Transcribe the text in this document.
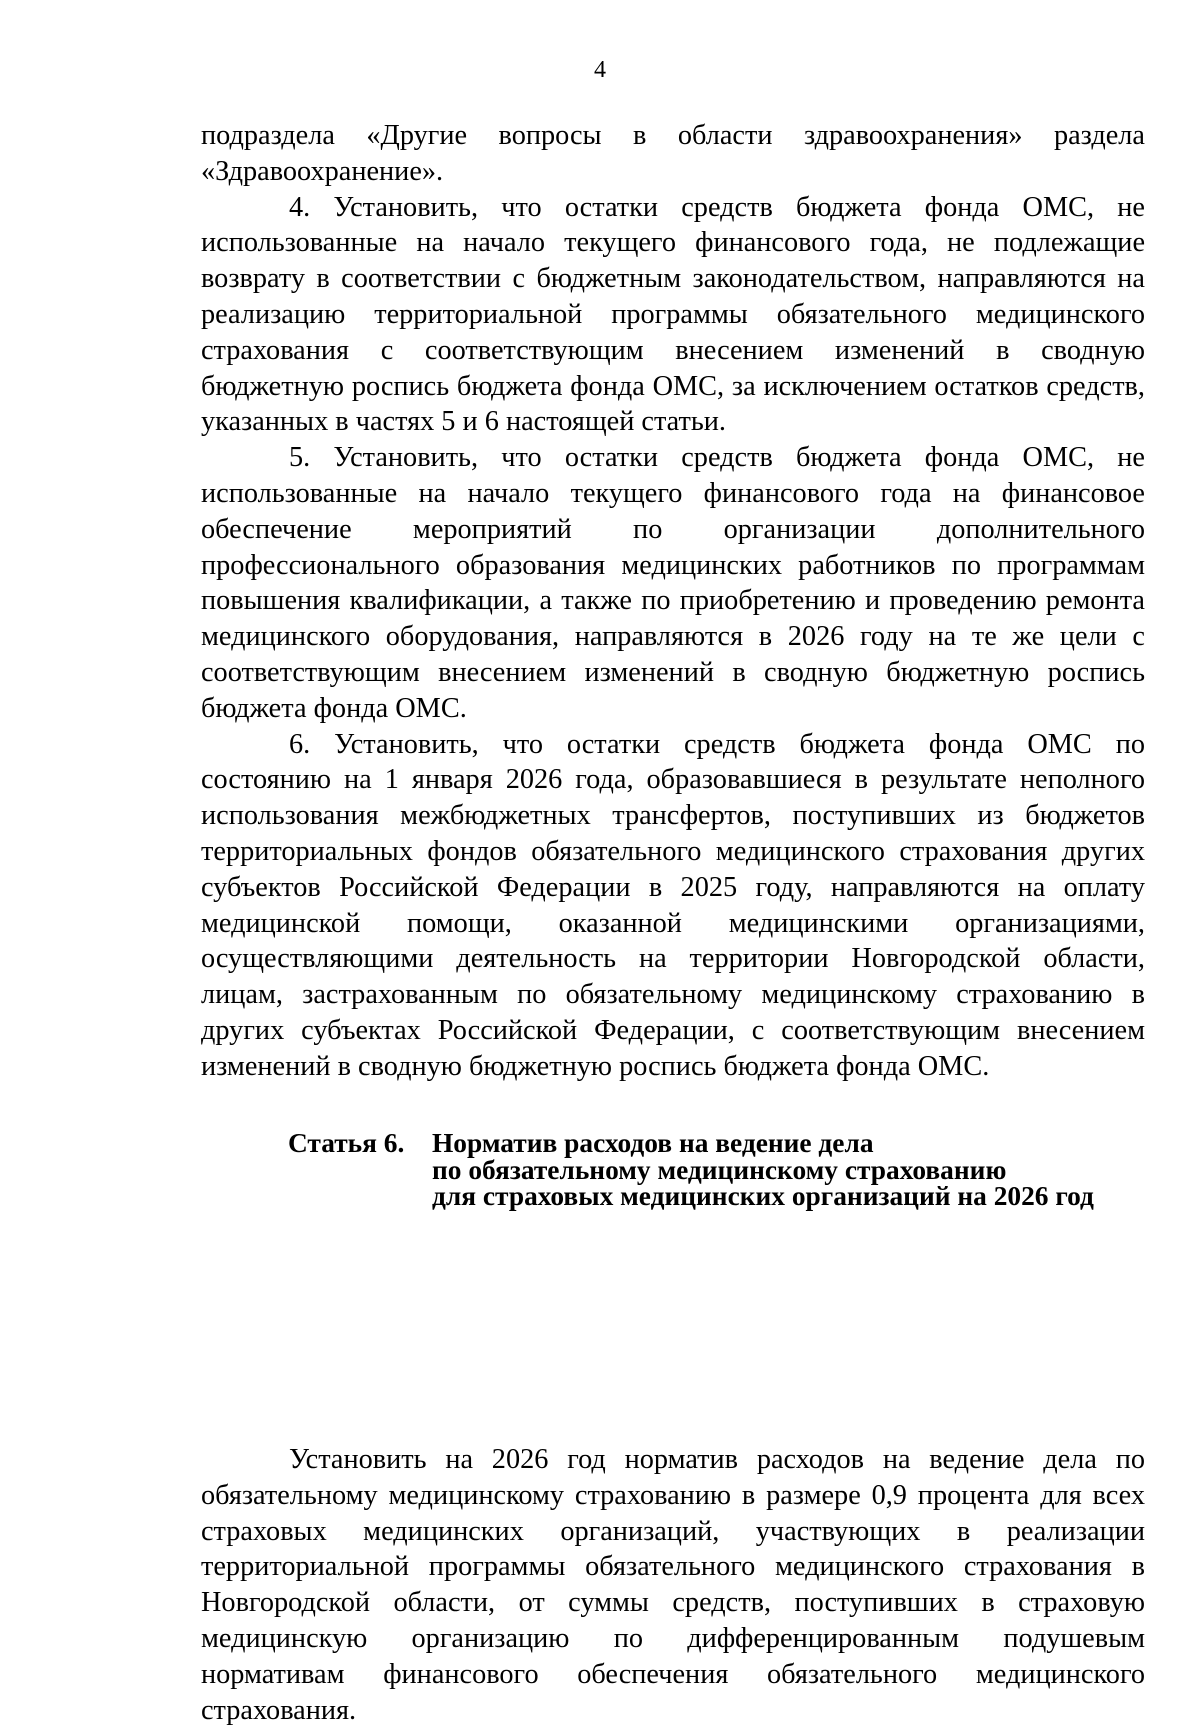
4

подраздела «Другие вопросы в области здравоохранения» раздела «Здравоохранение».

4. Установить, что остатки средств бюджета фонда ОМС, не использованные на начало текущего финансового года, не подлежащие возврату в соответствии с бюджетным законодательством, направляются на реализацию территориальной программы обязательного медицинского страхования с соответствующим внесением изменений в сводную бюджетную роспись бюджета фонда ОМС, за исключением остатков средств, указанных в частях 5 и 6 настоящей статьи.

5. Установить, что остатки средств бюджета фонда ОМС, не использованные на начало текущего финансового года на финансовое обеспечение мероприятий по организации дополнительного профессионального образования медицинских работников по программам повышения квалификации, а также по приобретению и проведению ремонта медицинского оборудования, направляются в 2026 году на те же цели с соответствующим внесением изменений в сводную бюджетную роспись бюджета фонда ОМС.

6. Установить, что остатки средств бюджета фонда ОМС по состоянию на 1 января 2026 года, образовавшиеся в результате неполного использования межбюджетных трансфертов, поступивших из бюджетов территориальных фондов обязательного медицинского страхования других субъектов Российской Федерации в 2025 году, направляются на оплату медицинской помощи, оказанной медицинскими организациями, осуществляющими деятельность на территории Новгородской области, лицам, застрахованным по обязательному медицинскому страхованию в других субъектах Российской Федерации, с соответствующим внесением изменений в сводную бюджетную роспись бюджета фонда ОМС.

Статья 6. Норматив расходов на ведение дела
по обязательному медицинскому страхованию
для страховых медицинских организаций на 2026 год

Установить на 2026 год норматив расходов на ведение дела по обязательному медицинскому страхованию в размере 0,9 процента для всех страховых медицинских организаций, участвующих в реализации территориальной программы обязательного медицинского страхования в Новгородской области, от суммы средств, поступивших в страховую медицинскую организацию по дифференцированным подушевым нормативам финансового обеспечения обязательного медицинского страхования.
